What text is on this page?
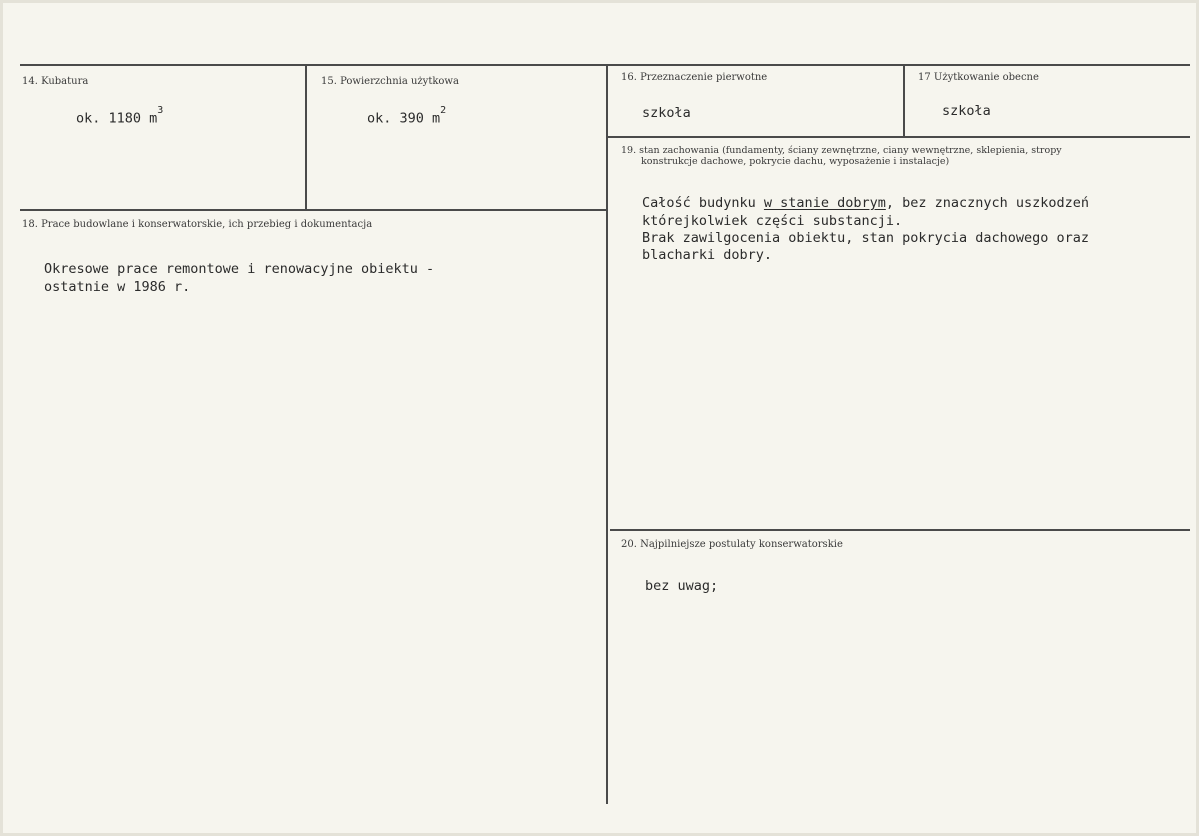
14. Kubatura
ok. 1180 $m^3$
15. Powierzchnia użytkowa
ok. 390 $m^2$
16. Przeznaczenie pierwotne
szkoła
17 Użytkowanie obecne
szkoła
18. Prace budowlane i konserwatorskie, ich przebieg i dokumentacja
Okresowe prace remontowe i renowacyjne obiektu -
ostatnie w 1986 r.
19. stan zachowania (fundamenty, ściany zewnętrzne, ciany wewnętrzne, sklepienia, stropy
konstrukcje dachowe, pokrycie dachu, wyposażenie i instalacje)
Całość budynku w stanie dobrym, bez znacznych uszkodzeń
którejkolwiek części substancji.
Brak zawilgocenia obiektu, stan pokrycia dachowego oraz
blacharki dobry.
20. Najpilniejsze postulaty konserwatorskie
bez uwag;
